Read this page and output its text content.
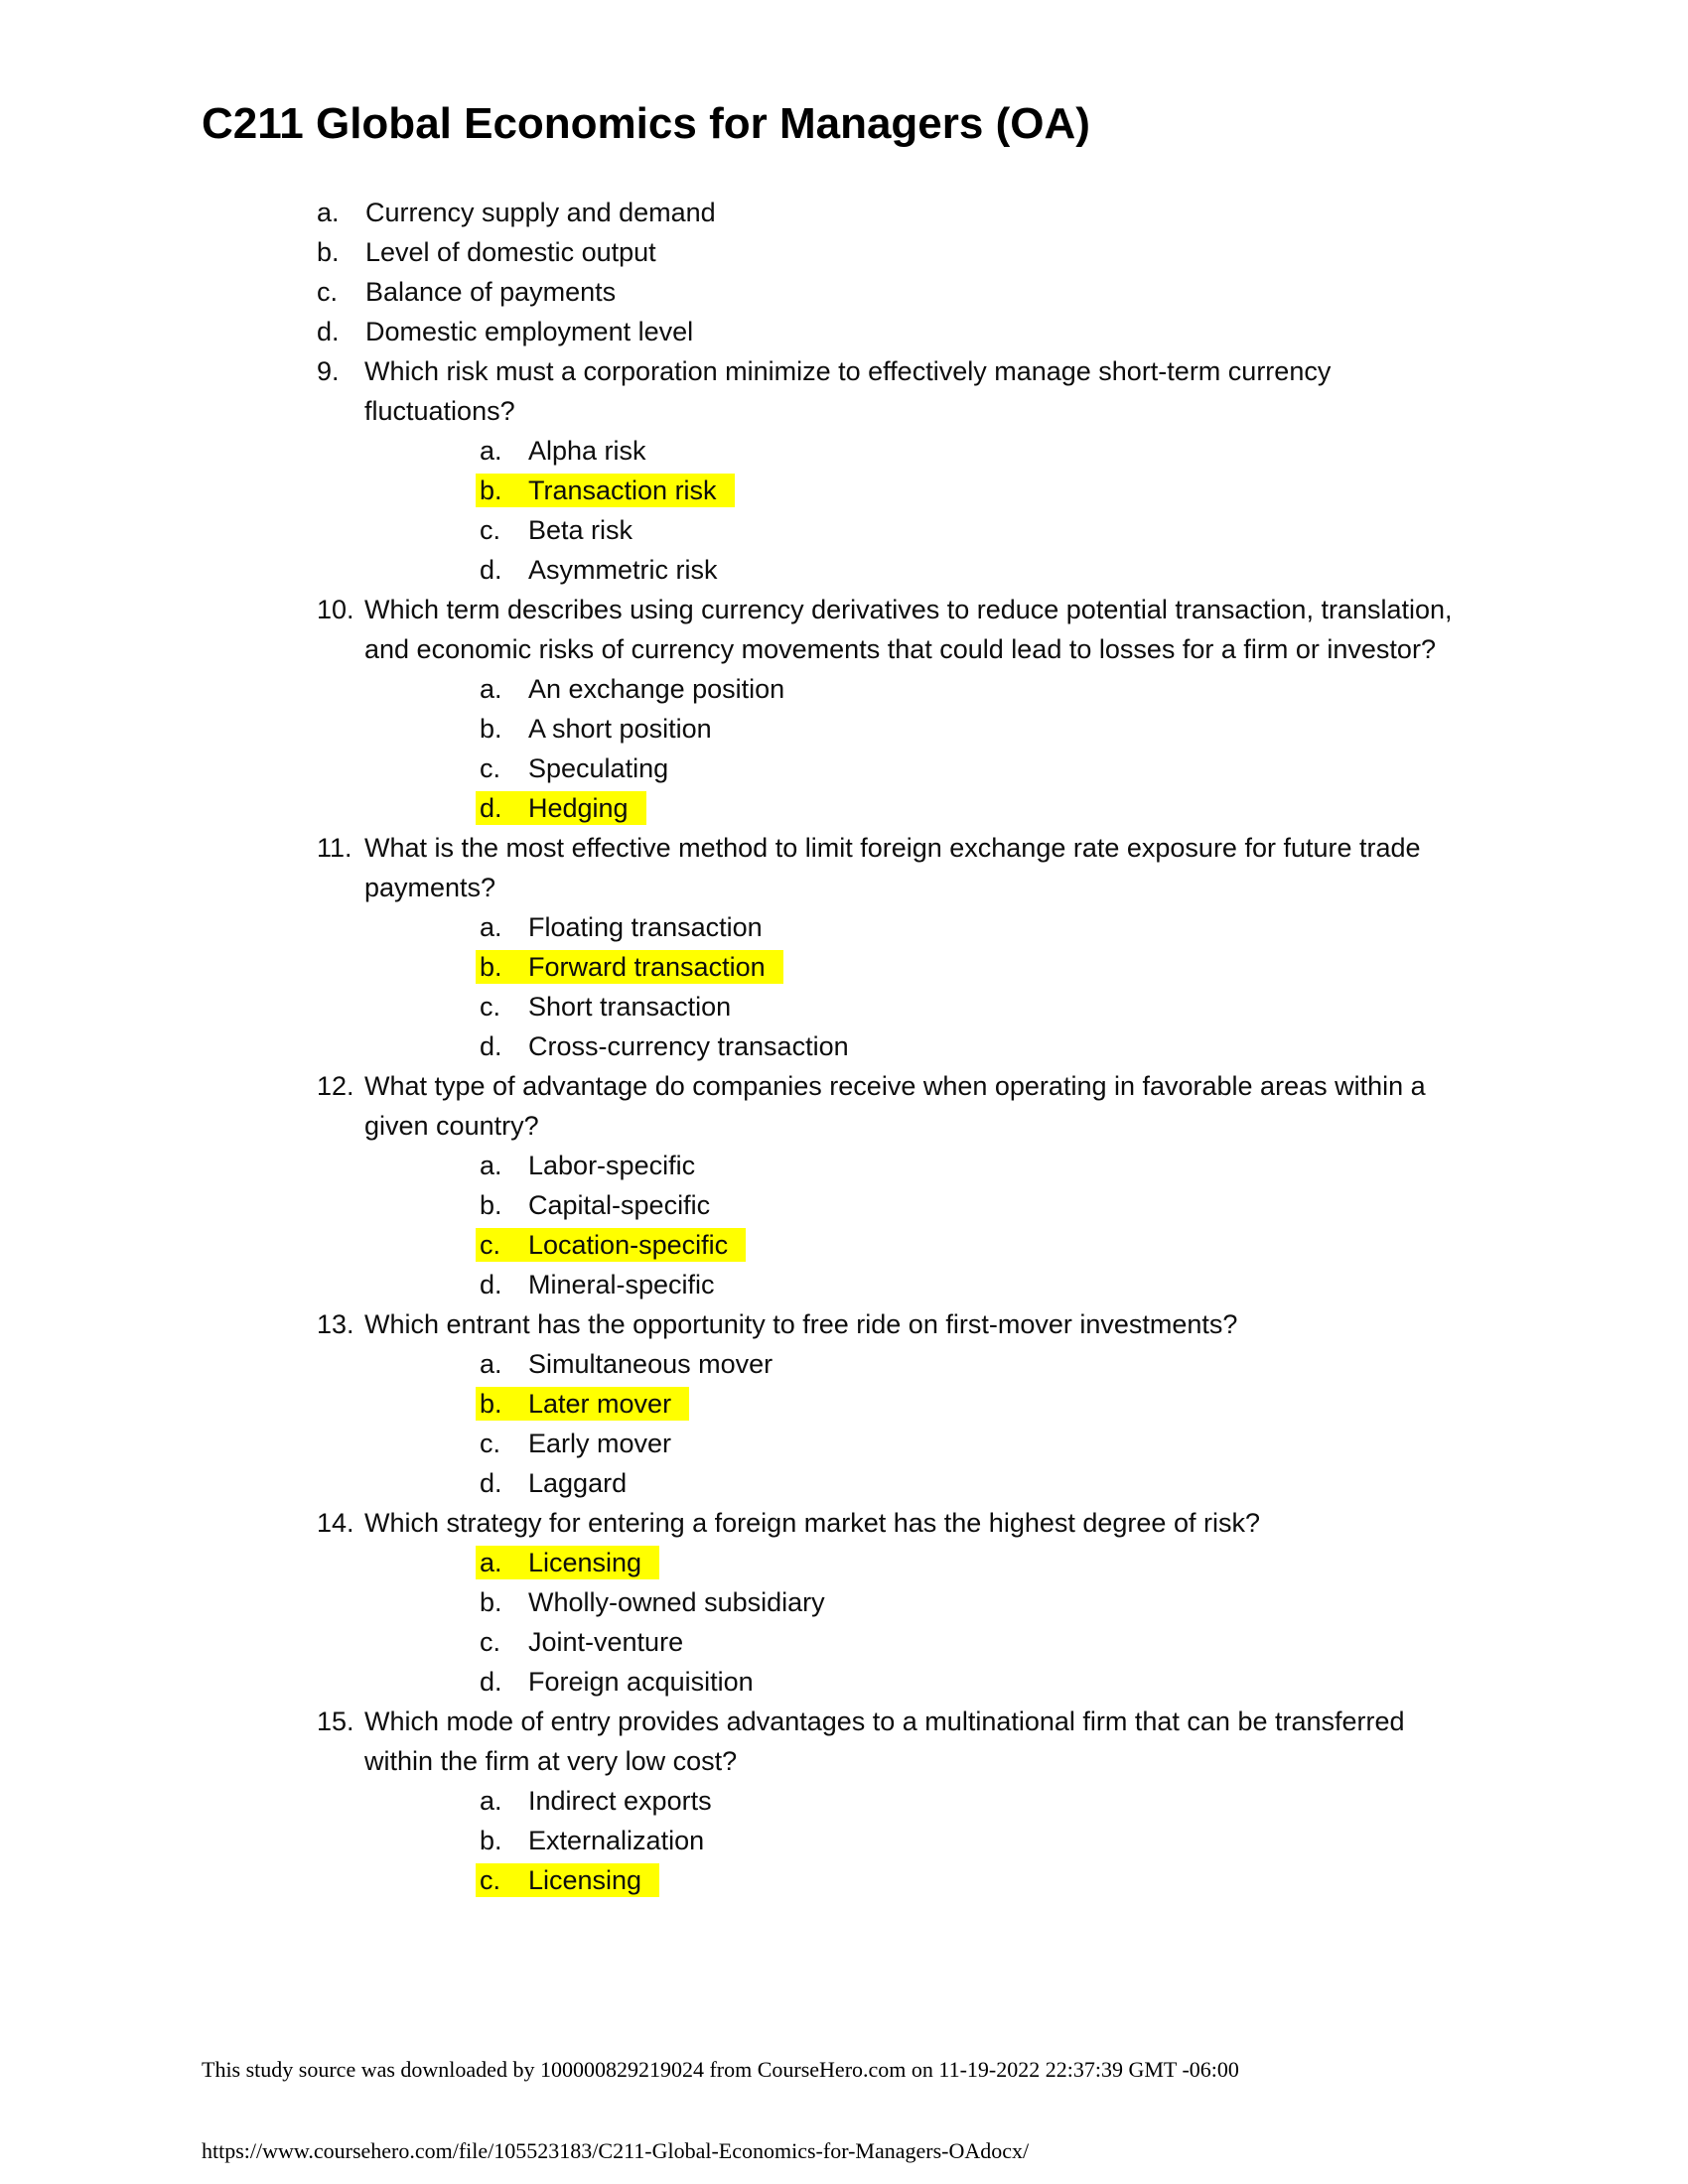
C211 Global Economics for Managers (OA)
a. Currency supply and demand
b. Level of domestic output
c. Balance of payments
d. Domestic employment level
9. Which risk must a corporation minimize to effectively manage short-term currency fluctuations?
a. Alpha risk
b. Transaction risk
c. Beta risk
d. Asymmetric risk
10. Which term describes using currency derivatives to reduce potential transaction, translation, and economic risks of currency movements that could lead to losses for a firm or investor?
a. An exchange position
b. A short position
c. Speculating
d. Hedging
11. What is the most effective method to limit foreign exchange rate exposure for future trade payments?
a. Floating transaction
b. Forward transaction
c. Short transaction
d. Cross-currency transaction
12. What type of advantage do companies receive when operating in favorable areas within a given country?
a. Labor-specific
b. Capital-specific
c. Location-specific
d. Mineral-specific
13. Which entrant has the opportunity to free ride on first-mover investments?
a. Simultaneous mover
b. Later mover
c. Early mover
d. Laggard
14. Which strategy for entering a foreign market has the highest degree of risk?
a. Licensing
b. Wholly-owned subsidiary
c. Joint-venture
d. Foreign acquisition
15. Which mode of entry provides advantages to a multinational firm that can be transferred within the firm at very low cost?
a. Indirect exports
b. Externalization
c. Licensing
This study source was downloaded by 100000829219024 from CourseHero.com on 11-19-2022 22:37:39 GMT -06:00
https://www.coursehero.com/file/105523183/C211-Global-Economics-for-Managers-OAdocx/
